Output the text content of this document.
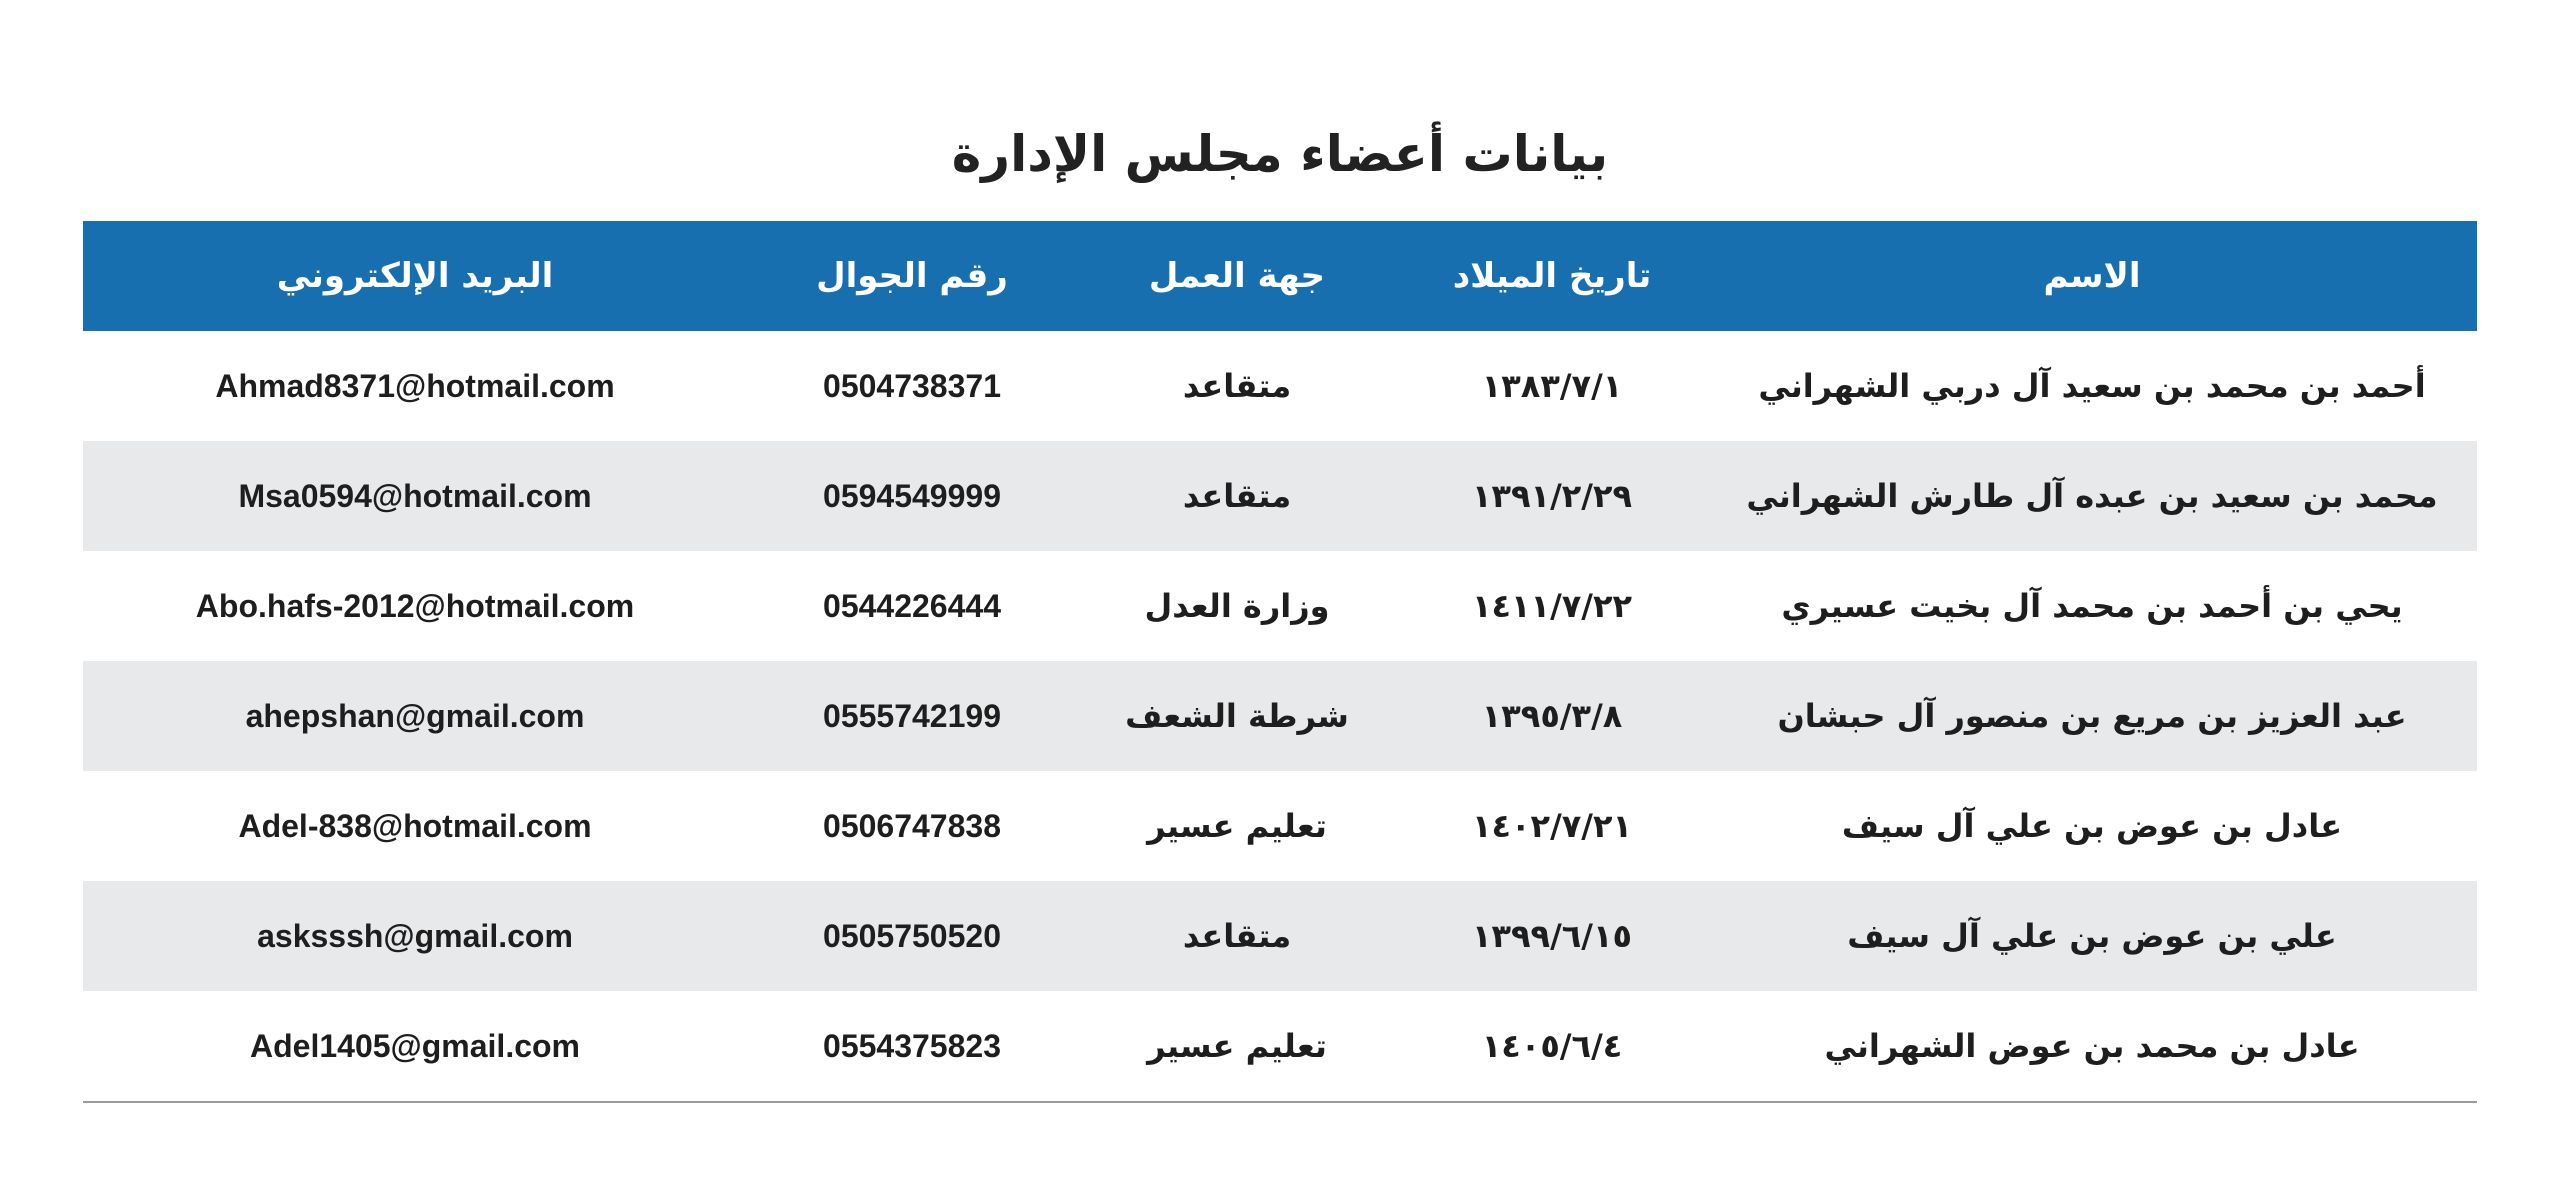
بيانات أعضاء مجلس الإدارة
الاسم	تاريخ الميلاد	جهة العمل	رقم الجوال	البريد الإلكتروني
أحمد بن محمد بن سعيد آل دربي الشهراني	١٣٨٣/٧/١	متقاعد	0504738371	Ahmad8371@hotmail.com
محمد بن سعيد بن عبده آل طارش الشهراني	١٣٩١/٢/٢٩	متقاعد	0594549999	Msa0594@hotmail.com
يحي بن أحمد بن محمد آل بخيت عسيري	١٤١١/٧/٢٢	وزارة العدل	0544226444	Abo.hafs-2012@hotmail.com
عبد العزيز بن مريع بن منصور آل حبشان	١٣٩٥/٣/٨	شرطة الشعف	0555742199	ahepshan@gmail.com
عادل بن عوض بن علي آل سيف	١٤٠٢/٧/٢١	تعليم عسير	0506747838	Adel-838@hotmail.com
علي بن عوض بن علي آل سيف	١٣٩٩/٦/١٥	متقاعد	0505750520	asksssh@gmail.com
عادل بن محمد بن عوض الشهراني	١٤٠٥/٦/٤	تعليم عسير	0554375823	Adel1405@gmail.com
